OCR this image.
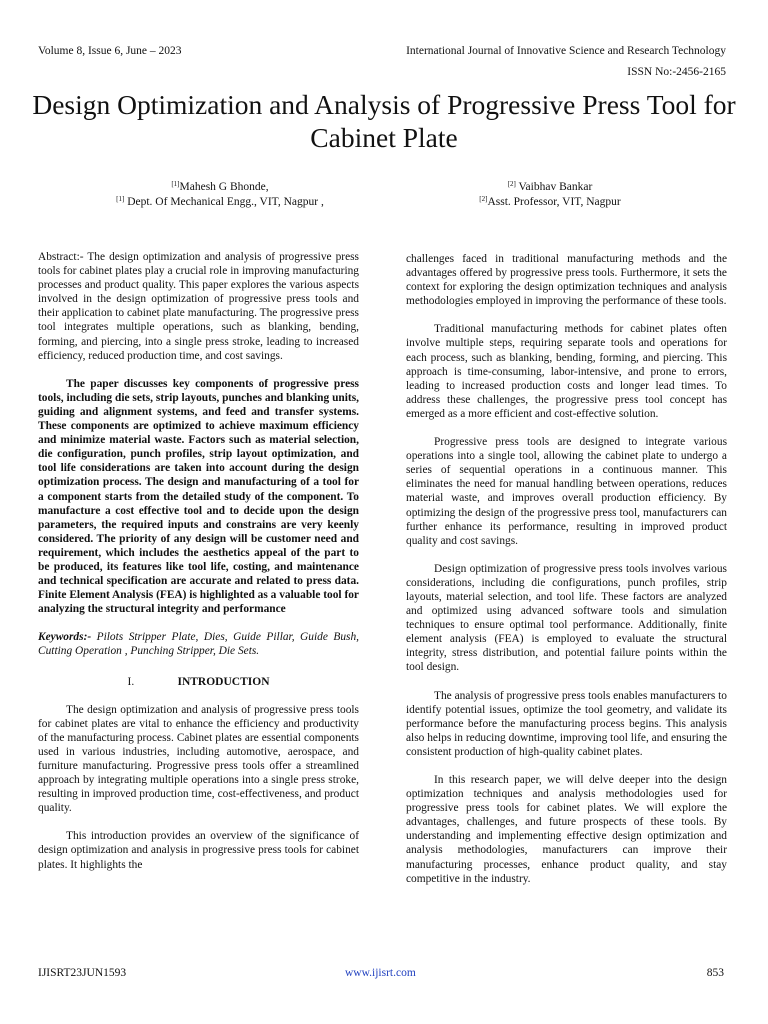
Volume 8, Issue 6, June – 2023	International Journal of Innovative Science and Research Technology
ISSN No:-2456-2165
Design Optimization and Analysis of Progressive Press Tool for Cabinet Plate
[1]Mahesh G Bhonde,
[1] Dept. Of Mechanical Engg., VIT, Nagpur ,
[2] Vaibhav Bankar
[2]Asst. Professor, VIT, Nagpur

Abstract:- The design optimization and analysis of progressive press tools for cabinet plates play a crucial role in improving manufacturing processes and product quality. This paper explores the various aspects involved in the design optimization of progressive press tools and their application to cabinet plate manufacturing. The progressive press tool integrates multiple operations, such as blanking, bending, forming, and piercing, into a single press stroke, leading to increased efficiency, reduced production time, and cost savings.

The paper discusses key components of progressive press tools, including die sets, strip layouts, punches and blanking units, guiding and alignment systems, and feed and transfer systems. These components are optimized to achieve maximum efficiency and minimize material waste. Factors such as material selection, die configuration, punch profiles, strip layout optimization, and tool life considerations are taken into account during the design optimization process. The design and manufacturing of a tool for a component starts from the detailed study of the component. To manufacture a cost effective tool and to decide upon the design parameters, the required inputs and constrains are very keenly considered. The priority of any design will be customer need and requirement, which includes the aesthetics appeal of the part to be produced, its features like tool life, costing, and maintenance and technical specification are accurate and related to press data. Finite Element Analysis (FEA) is highlighted as a valuable tool for analyzing the structural integrity and performance

Keywords:- Pilots Stripper Plate, Dies, Guide Pillar, Guide Bush, Cutting Operation , Punching Stripper, Die Sets.

I.	INTRODUCTION

The design optimization and analysis of progressive press tools for cabinet plates are vital to enhance the efficiency and productivity of the manufacturing process. Cabinet plates are essential components used in various industries, including automotive, aerospace, and furniture manufacturing. Progressive press tools offer a streamlined approach by integrating multiple operations into a single press stroke, resulting in improved production time, cost-effectiveness, and product quality.

This introduction provides an overview of the significance of design optimization and analysis in progressive press tools for cabinet plates. It highlights the

challenges faced in traditional manufacturing methods and the advantages offered by progressive press tools. Furthermore, it sets the context for exploring the design optimization techniques and analysis methodologies employed in improving the performance of these tools.

Traditional manufacturing methods for cabinet plates often involve multiple steps, requiring separate tools and operations for each process, such as blanking, bending, forming, and piercing. This approach is time-consuming, labor-intensive, and prone to errors, leading to increased production costs and longer lead times. To address these challenges, the progressive press tool concept has emerged as a more efficient and cost-effective solution.

Progressive press tools are designed to integrate various operations into a single tool, allowing the cabinet plate to undergo a series of sequential operations in a continuous manner. This eliminates the need for manual handling between operations, reduces material waste, and improves overall production efficiency. By optimizing the design of the progressive press tool, manufacturers can further enhance its performance, resulting in improved product quality and cost savings.

Design optimization of progressive press tools involves various considerations, including die configurations, punch profiles, strip layouts, material selection, and tool life. These factors are analyzed and optimized using advanced software tools and simulation techniques to ensure optimal tool performance. Additionally, finite element analysis (FEA) is employed to evaluate the structural integrity, stress distribution, and potential failure points within the tool design.

The analysis of progressive press tools enables manufacturers to identify potential issues, optimize the tool geometry, and validate its performance before the manufacturing process begins. This analysis also helps in reducing downtime, improving tool life, and ensuring the consistent production of high-quality cabinet plates.

In this research paper, we will delve deeper into the design optimization techniques and analysis methodologies used for progressive press tools for cabinet plates. We will explore the advantages, challenges, and future prospects of these tools. By understanding and implementing effective design optimization and analysis methodologies, manufacturers can improve their manufacturing processes, enhance product quality, and stay competitive in the industry.

IJISRT23JUN1593	www.ijisrt.com	853
